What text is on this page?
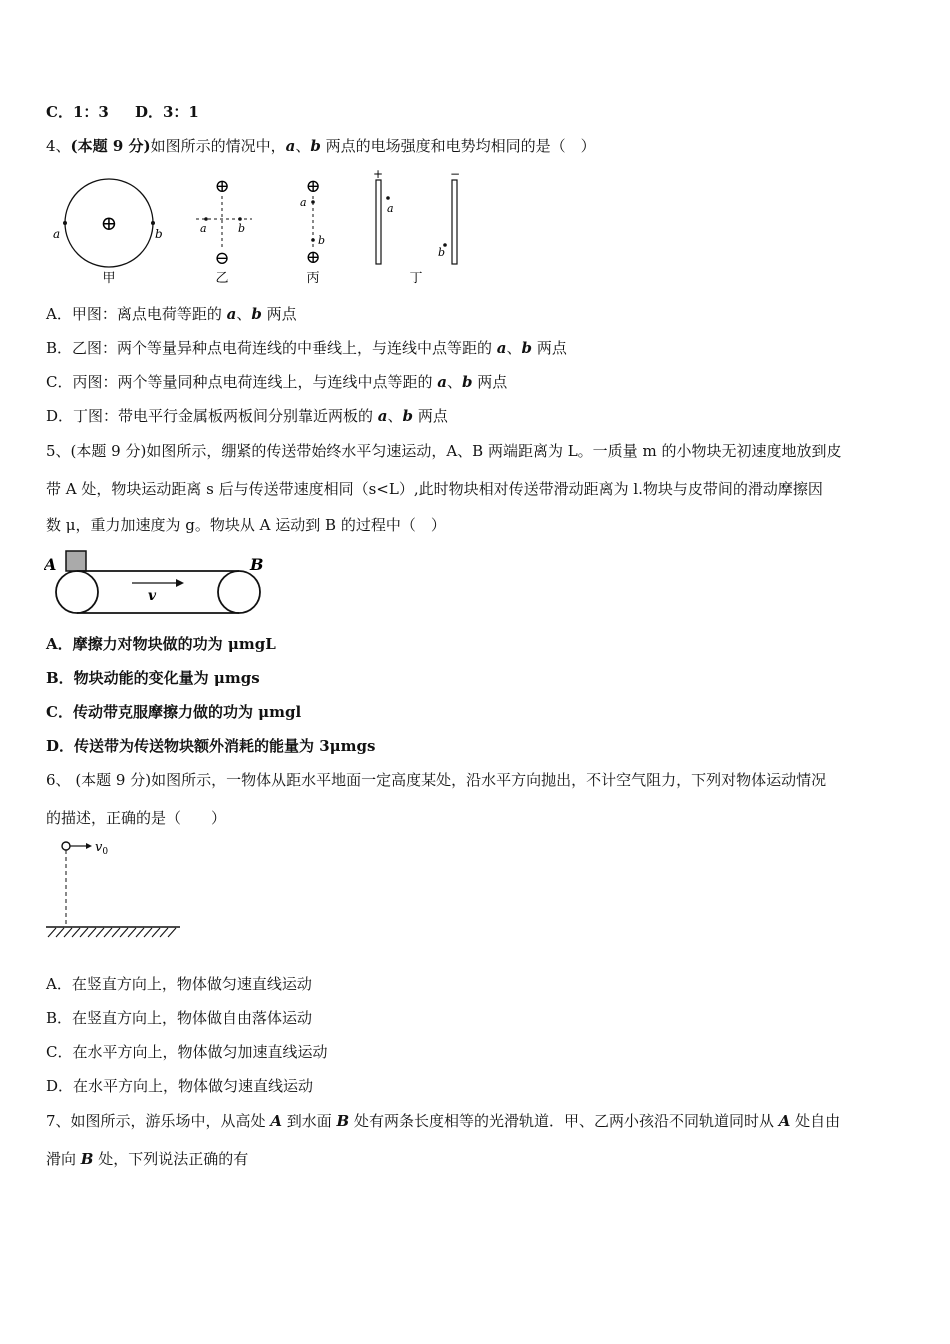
C．1：3 D．3：1
4、(本题 9 分)如图所示的情况中，a、b 两点的电场强度和电势均相同的是（　）
⊕
a	b
甲
⊕
⊖
a	b
乙
⊕
⊕
a
b
丙
+	−
a
b
丁
A．甲图：离点电荷等距的 a、b 两点
B．乙图：两个等量异种点电荷连线的中垂线上，与连线中点等距的 a、b 两点
C．丙图：两个等量同种点电荷连线上，与连线中点等距的 a、b 两点
D．丁图：带电平行金属板两板间分别靠近两板的 a、b 两点
5、(本题 9 分)如图所示，绷紧的传送带始终水平匀速运动，A、B 两端距离为 L。一质量 m 的小物块无初速度地放到皮
带 A 处，物块运动距离 s 后与传送带速度相同（s<L）,此时物块相对传送带滑动距离为 l.物块与皮带间的滑动摩擦因
数 μ，重力加速度为 g。物块从 A 运动到 B 的过程中（　）
A	B
v
A．摩擦力对物块做的功为 μmgL
B．物块动能的变化量为 μmgs
C．传动带克服摩擦力做的功为 μmgl
D．传送带为传送物块额外消耗的能量为 3μmgs
6、 (本题 9 分)如图所示，一物体从距水平地面一定高度某处，沿水平方向抛出，不计空气阻力，下列对物体运动情况
的描述，正确的是（　　）
$v_0$
A．在竖直方向上，物体做匀速直线运动
B．在竖直方向上，物体做自由落体运动
C．在水平方向上，物体做匀加速直线运动
D．在水平方向上，物体做匀速直线运动
7、如图所示，游乐场中，从高处 A 到水面 B 处有两条长度相等的光滑轨道．甲、乙两小孩沿不同轨道同时从 A 处自由
滑向 B 处，下列说法正确的有
